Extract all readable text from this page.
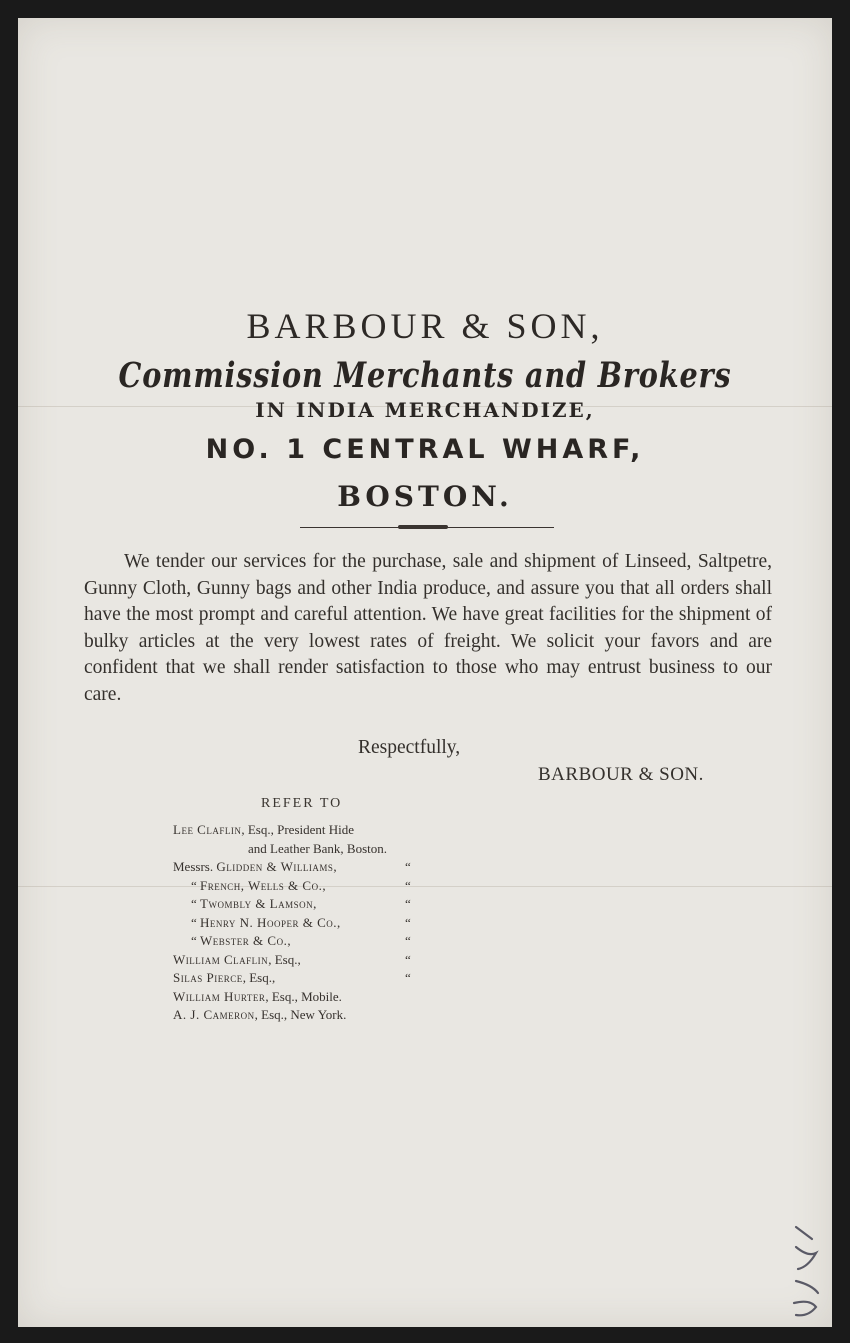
BARBOUR & SON,
Commission Merchants and Brokers
IN INDIA MERCHANDIZE,
NO. 1 CENTRAL WHARF,
BOSTON.
We tender our services for the purchase, sale and shipment of Linseed, Saltpetre, Gunny Cloth, Gunny bags and other India produce, and assure you that all orders shall have the most prompt and careful attention. We have great facilities for the shipment of bulky articles at the very lowest rates of freight. We solicit your favors and are confident that we shall render satisfaction to those who may entrust business to our care.
Respectfully,
BARBOUR & SON.
REFER TO
Lee Claflin, Esq., President Hide
and Leather Bank, Boston.
Messrs. Glidden & Williams,	“
“ French, Wells & Co.,	“
“ Twombly & Lamson,	“
“ Henry N. Hooper & Co.,	“
“ Webster & Co.,	“
William Claflin, Esq.,	“
Silas Pierce, Esq.,	“
William Hurter, Esq., Mobile.
A. J. Cameron, Esq., New York.
